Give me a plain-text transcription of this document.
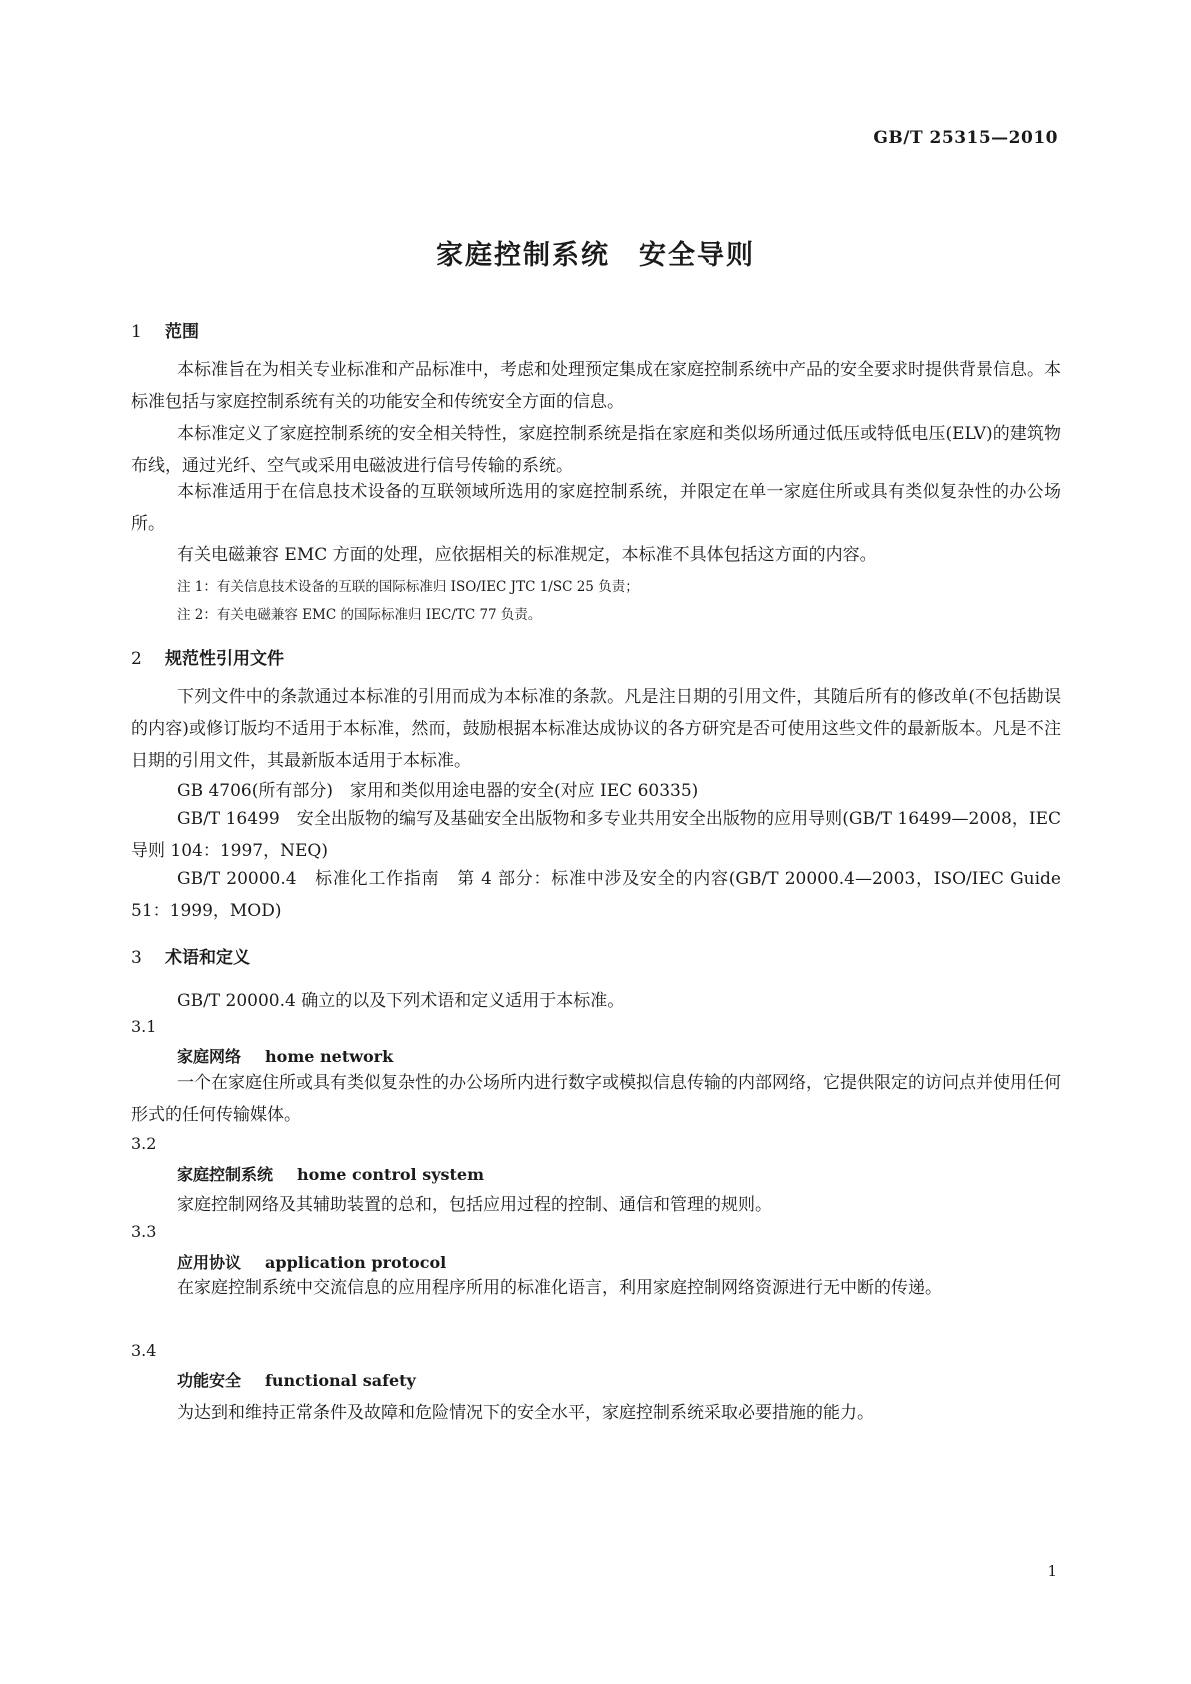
GB/T 25315—2010
家庭控制系统　安全导则
1 范围
本标准旨在为相关专业标准和产品标准中，考虑和处理预定集成在家庭控制系统中产品的安全要求时提供背景信息。本标准包括与家庭控制系统有关的功能安全和传统安全方面的信息。
本标准定义了家庭控制系统的安全相关特性，家庭控制系统是指在家庭和类似场所通过低压或特低电压(ELV)的建筑物布线，通过光纤、空气或采用电磁波进行信号传输的系统。
本标准适用于在信息技术设备的互联领域所选用的家庭控制系统，并限定在单一家庭住所或具有类似复杂性的办公场所。
有关电磁兼容 EMC 方面的处理，应依据相关的标准规定，本标准不具体包括这方面的内容。
注 1：有关信息技术设备的互联的国际标准归 ISO/IEC JTC 1/SC 25 负责；
注 2：有关电磁兼容 EMC 的国际标准归 IEC/TC 77 负责。
2 规范性引用文件
下列文件中的条款通过本标准的引用而成为本标准的条款。凡是注日期的引用文件，其随后所有的修改单(不包括勘误的内容)或修订版均不适用于本标准，然而，鼓励根据本标准达成协议的各方研究是否可使用这些文件的最新版本。凡是不注日期的引用文件，其最新版本适用于本标准。
GB 4706(所有部分)　家用和类似用途电器的安全(对应 IEC 60335)
GB/T 16499　安全出版物的编写及基础安全出版物和多专业共用安全出版物的应用导则(GB/T 16499—2008，IEC 导则 104：1997，NEQ)
GB/T 20000.4　标准化工作指南　第 4 部分：标准中涉及安全的内容(GB/T 20000.4—2003，ISO/IEC Guide 51：1999，MOD)
3 术语和定义
GB/T 20000.4 确立的以及下列术语和定义适用于本标准。
3.1
家庭网络 home network
一个在家庭住所或具有类似复杂性的办公场所内进行数字或模拟信息传输的内部网络，它提供限定的访问点并使用任何形式的任何传输媒体。
3.2
家庭控制系统 home control system
家庭控制网络及其辅助装置的总和，包括应用过程的控制、通信和管理的规则。
3.3
应用协议 application protocol
在家庭控制系统中交流信息的应用程序所用的标准化语言，利用家庭控制网络资源进行无中断的传递。
3.4
功能安全 functional safety
为达到和维持正常条件及故障和危险情况下的安全水平，家庭控制系统采取必要措施的能力。
1
